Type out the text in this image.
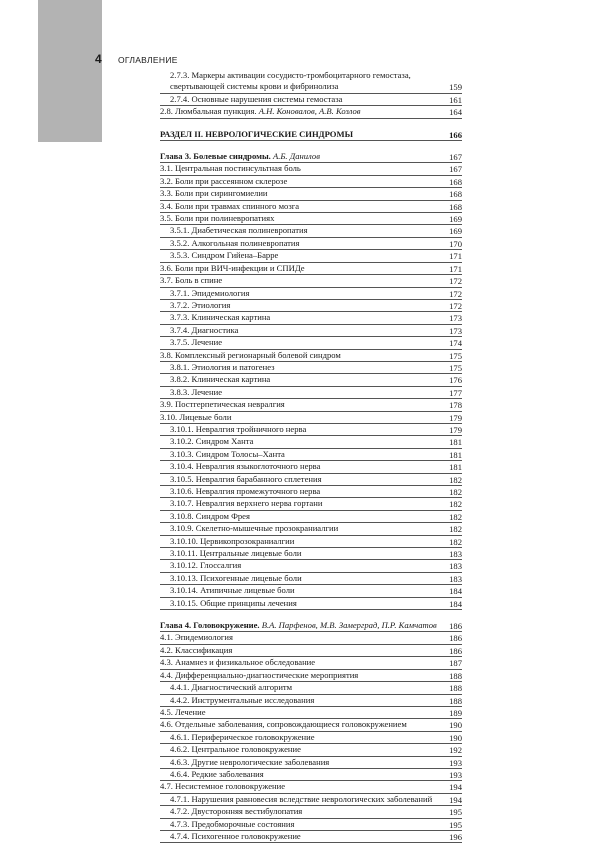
4 ОГЛАВЛЕНИЕ
2.7.3. Маркеры активации сосудисто-тромбоцитарного гемостаза,
свертывающей системы крови и фибринолиза	159
2.7.4. Основные нарушения системы гемостаза	161
2.8. Люмбальная пункция. А.Н. Коновалов, А.В. Козлов	164
РАЗДЕЛ II. НЕВРОЛОГИЧЕСКИЕ СИНДРОМЫ	166
Глава 3. Болевые синдромы. А.Б. Данилов	167
3.1. Центральная постинсультная боль	167
3.2. Боли при рассеянном склерозе	168
3.3. Боли при сирингомиелии	168
3.4. Боли при травмах спинного мозга	168
3.5. Боли при полиневропатиях	169
3.5.1. Диабетическая полиневропатия	169
3.5.2. Алкогольная полиневропатия	170
3.5.3. Синдром Гийена–Барре	171
3.6. Боли при ВИЧ-инфекции и СПИДе	171
3.7. Боль в спине	172
3.7.1. Эпидемиология	172
3.7.2. Этиология	172
3.7.3. Клиническая картина	173
3.7.4. Диагностика	173
3.7.5. Лечение	174
3.8. Комплексный регионарный болевой синдром	175
3.8.1. Этиология и патогенез	175
3.8.2. Клиническая картина	176
3.8.3. Лечение	177
3.9. Постгерпетическая невралгия	178
3.10. Лицевые боли	179
3.10.1. Невралгия тройничного нерва	179
3.10.2. Синдром Ханта	181
3.10.3. Синдром Толосы–Ханта	181
3.10.4. Невралгия языкоглоточного нерва	181
3.10.5. Невралгия барабанного сплетения	182
3.10.6. Невралгия промежуточного нерва	182
3.10.7. Невралгия верхнего нерва гортани	182
3.10.8. Синдром Фрея	182
3.10.9. Скелетно-мышечные прозокраниалгии	182
3.10.10. Цервикопрозокраниалгии	182
3.10.11. Центральные лицевые боли	183
3.10.12. Глоссалгия	183
3.10.13. Психогенные лицевые боли	183
3.10.14. Атипичные лицевые боли	184
3.10.15. Общие принципы лечения	184
Глава 4. Головокружение. В.А. Парфенов, М.В. Замерград, П.Р. Камчатов	186
4.1. Эпидемиология	186
4.2. Классификация	186
4.3. Анамнез и физикальное обследование	187
4.4. Дифференциально-диагностические мероприятия	188
4.4.1. Диагностический алгоритм	188
4.4.2. Инструментальные исследования	188
4.5. Лечение	189
4.6. Отдельные заболевания, сопровождающиеся головокружением	190
4.6.1. Периферическое головокружение	190
4.6.2. Центральное головокружение	192
4.6.3. Другие неврологические заболевания	193
4.6.4. Редкие заболевания	193
4.7. Несистемное головокружение	194
4.7.1. Нарушения равновесия вследствие неврологических заболеваний	194
4.7.2. Двусторонняя вестибулопатия	195
4.7.3. Предобморочные состояния	195
4.7.4. Психогенное головокружение	196
